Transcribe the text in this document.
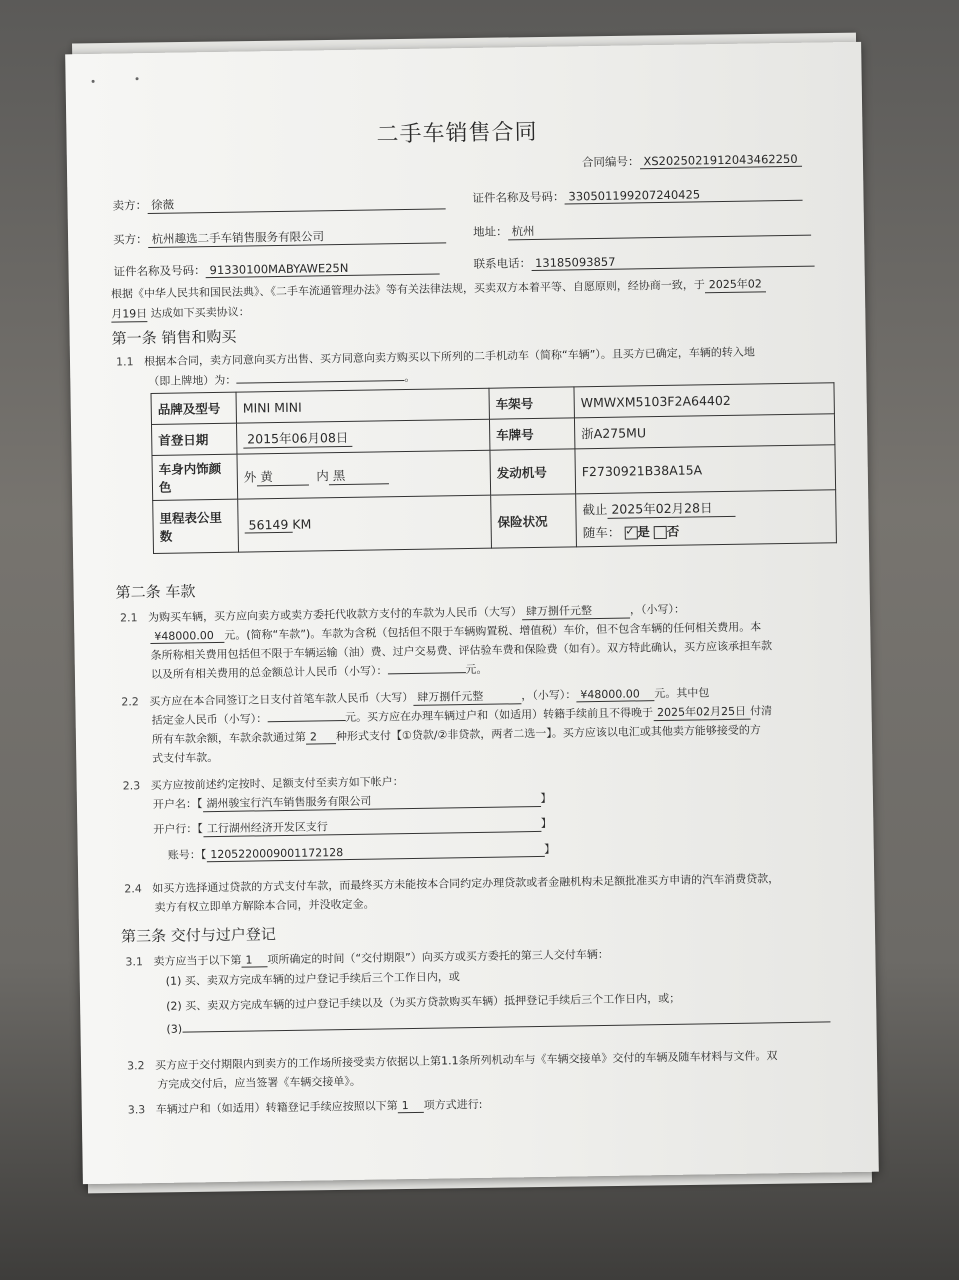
二手车销售合同
合同编号： XS20250219120434622​50
卖方： 徐薇	证件名称及号码： 330501199207240425
买方： 杭州趣选二手车销售服务有限公司	地址： 杭州
证件名称及号码： 91330100MABYAWE25N	联系电话： 13185093857
根据《中华人民共和国民法典》、《二手车流通管理办法》等有关法律法规，买卖双方本着平等、自愿原则，经协商一致，于 2025年02
月19日 达成如下买卖协议：
第一条 销售和购买
1.1 根据本合同，卖方同意向买方出售、买方同意向卖方购买以下所列的二手机动车（简称“车辆”）。且买方已确定，车辆的转入地
（即上牌地）为：	。
品牌及型号	MINI MINI	车架号	WMWXM5103F2A64402
首登日期	2015年06月08日	车牌号	浙A275MU
车身内饰颜色	外 黄 内 黑	发动机号	F2730921B38A15A
里程表公里数	56149 KM	保险状况	截止 2025年02月28日
随车： ✓ 是 否
第二条 车款
2.1 为购买车辆，买方应向卖方或卖方委托代收款方支付的车款为人民币（大写） 肆万捌仟元整	，（小写）：
¥48000.00 元。(简称“车款”)。车款为含税（包括但不限于车辆购置税、增值税）车价，但不包含车辆的任何相关费用。本
条所称相关费用包括但不限于车辆运输（油）费、过户交易费、评估验车费和保险费（如有）。双方特此确认，买方应该承担车款
以及所有相关费用的总金额总计人民币（小写）：	元。
2.2 买方应在本合同签订之日支付首笔车款人民币（大写） 肆万捌仟元整	，（小写）： ¥48000.00 元。其中包
括定金人民币（小写）：	元。买方应在办理车辆过户和（如适用）转籍手续前且不得晚于 2025年02月25日 付清
所有车款余额，车款余款通过第 2 种形式支付【①贷款/②非贷款，两者二选一】。买方应该以电汇或其他卖方能够接受的方
式支付车款。
2.3 买方应按前述约定按时、足额支付至卖方如下帐户：
开户名：【 湖州骏宝行汽车销售服务有限公司	】
开户行：【 工行湖州经济开发区支行	】
账号：【 1205220009001172128	】
2.4 如买方选择通过贷款的方式支付车款，而最终买方未能按本合同约定办理贷款或者金融机构未足额批准买方申请的汽车消费贷款，
卖方有权立即单方解除本合同，并没收定金。
第三条 交付与过户登记
3.1 卖方应当于以下第 1 项所确定的时间（“交付期限”）向买方或买方委托的第三人交付车辆：
(1) 买、卖双方完成车辆的过户登记手续后三个工作日内，或
(2) 买、卖双方完成车辆的过户登记手续以及（为买方贷款购买车辆）抵押登记手续后三个工作日内，或；
(3)
3.2 买方应于交付期限内到卖方的工作场所接受卖方依据以上第1.1条所列机动车与《车辆交接单》交付的车辆及随车材料与文件。双
方完成交付后，应当签署《车辆交接单》。
3.3 车辆过户和（如适用）转籍登记手续应按照以下第 1 项方式进行:
